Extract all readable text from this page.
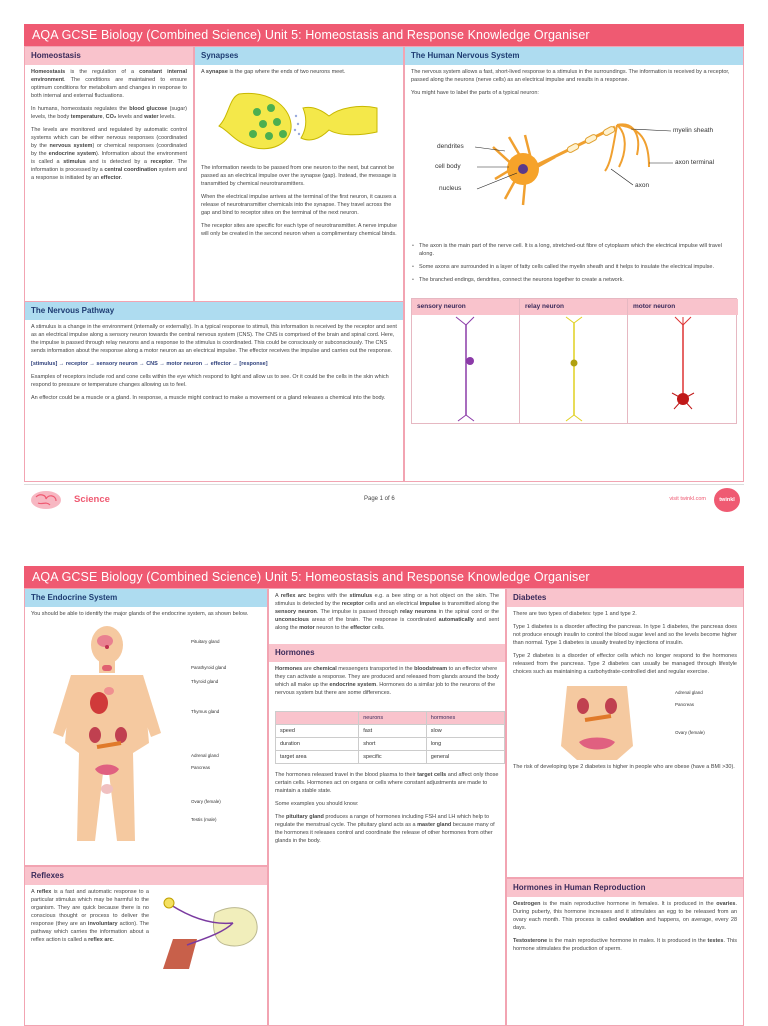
AQA GCSE Biology (Combined Science) Unit 5: Homeostasis and Response Knowledge Organiser
Homeostasis

Homeostasis is the regulation of a constant internal environment. The conditions are maintained to ensure optimum conditions for metabolism and changes in response to both internal and external fluctuations.

In humans, homeostasis regulates the blood glucose (sugar) levels, the body temperature, CO₂ levels and water levels.

The levels are monitored and regulated by automatic control systems which can be either nervous responses (coordinated by the nervous system) or chemical responses (coordinated by the endocrine system). Information about the environment is called a stimulus and is detected by a receptor. The information is processed by a central coordination system and a response is initiated by an effector.

Synapses

A synapse is the gap where the ends of two neurons meet.

The information needs to be passed from one neuron to the next, but cannot be passed as an electrical impulse over the synapse (gap). Instead, the message is transmitted by chemical neurotransmitters.

When the electrical impulse arrives at the terminal of the first neuron, it causes a release of neurotransmitter chemicals into the synapse. They travel across the gap and bind to receptor sites on the terminal of the next neuron.

The receptor sites are specific for each type of neurotransmitter. A nerve impulse will only be created in the second neuron when a complimentary chemical binds.

The Human Nervous System

The nervous system allows a fast, short-lived response to a stimulus in the surroundings. The information is received by a receptor, passed along the neurons (nerve cells) as an electrical impulse and results in a response.

You might have to label the parts of a typical neuron:

dendrites
cell body
nucleus
myelin sheath
axon terminal
axon
• The axon is the main part of the nerve cell. It is a long, stretched-out fibre of cytoplasm which the electrical impulse will travel along.
• Some axons are surrounded in a layer of fatty cells called the myelin sheath and it helps to insulate the electrical impulse.
• The branched endings, dendrites, connect the neurons together to create a network.
sensory neuron	relay neuron	motor neuron
The Nervous Pathway

A stimulus is a change in the environment (internally or externally). In a typical response to stimuli, this information is received by the receptor and sent as an electrical impulse along a sensory neuron towards the central nervous system (CNS). The CNS is comprised of the brain and spinal cord. Here, the impulse is passed through relay neurons and a response to the stimulus is coordinated. This could be consciously or subconsciously. The CNS sends information about the response along a motor neuron as an electrical impulse. The effector receives the impulse and carries out the response.

[stimulus] → receptor → sensory neuron → CNS → motor neuron → effector → [response]

Examples of receptors include rod and cone cells within the eye which respond to light and allow us to see. Or it could be the cells in the skin which respond to pressure or temperature changes allowing us to feel.

An effector could be a muscle or a gland. In response, a muscle might contract to make a movement or a gland releases a chemical into the body.

Science	Page 1 of 6	visit twinkl.com	twinkl
AQA GCSE Biology (Combined Science) Unit 5: Homeostasis and Response Knowledge Organiser
The Endocrine System
You should be able to identify the major glands of the endocrine system, as shown below.
Pituitary gland
Parathyroid gland
Thyroid gland
Thymus gland
Adrenal gland
Pancreas
Ovary (female)
Testis (male)
Reflexes

A reflex is a fast and automatic response to a particular stimulus which may be harmful to the organism. They are quick because there is no conscious thought or process to deliver the response (they are an involuntary action). The pathway which carries the information about a reflex action is called a reflex arc.

A reflex arc begins with the stimulus e.g. a bee sting or a hot object on the skin. The stimulus is detected by the receptor cells and an electrical impulse is transmitted along the sensory neuron. The impulse is passed through relay neurons in the spinal cord or the unconscious areas of the brain. The response is coordinated automatically and sent along the motor neuron to the effector cells.

Hormones

Hormones are chemical messengers transported in the bloodstream to an effector where they can activate a response. They are produced and released from glands around the body which all make up the endocrine system. Hormones do a similar job to the neurons of the nervous system but there are some differences.

	neurons	hormones
speed	fast	slow
duration	short	long
target area	specific	general

The hormones released travel in the blood plasma to their target cells and affect only those certain cells. Hormones act on organs or cells where constant adjustments are made to maintain a stable state.

Some examples you should know:

The pituitary gland produces a range of hormones including FSH and LH which help to regulate the menstrual cycle. The pituitary gland acts as a master gland because many of the hormones it releases control and coordinate the release of other hormones from other glands in the body.

Diabetes

There are two types of diabetes: type 1 and type 2.

Type 1 diabetes is a disorder affecting the pancreas. In type 1 diabetes, the pancreas does not produce enough insulin to control the blood sugar level and so the levels become higher than normal. Type 1 diabetes is usually treated by injections of insulin.

Type 2 diabetes is a disorder of effector cells which no longer respond to the hormones released from the pancreas. Type 2 diabetes can usually be managed through lifestyle choices such as maintaining a carbohydrate-controlled diet and regular exercise.

Adrenal gland
Pancreas
Ovary (female)
The risk of developing type 2 diabetes is higher in people who are obese (have a BMI >30).
Hormones in Human Reproduction

Oestrogen is the main reproductive hormone in females. It is produced in the ovaries. During puberty, this hormone increases and it stimulates an egg to be released from an ovary each month. This process is called ovulation and happens, on average, every 28 days.

Testosterone is the main reproductive hormone in males. It is produced in the testes. This hormone stimulates the production of sperm.
